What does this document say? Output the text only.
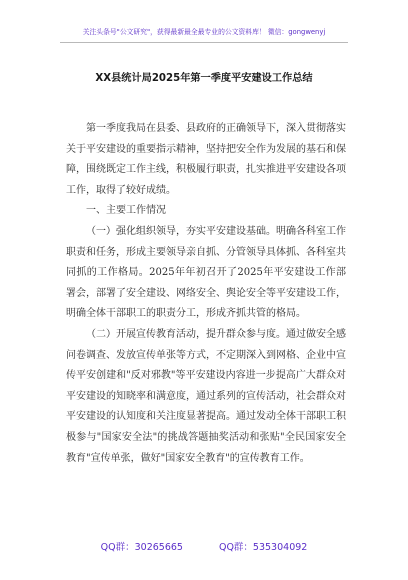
关注头条号"公文研究"，获得最新最全最专业的公文资料库！ 微信：gongwenyj
XX县统计局2025年第一季度平安建设工作总结

第一季度我局在县委、县政府的正确领导下，深入贯彻落实关于平安建设的重要指示精神，坚持把安全作为发展的基石和保障，围绕既定工作主线，积极履行职责，扎实推进平安建设各项工作，取得了较好成绩。

一、主要工作情况

（一）强化组织领导，夯实平安建设基础。明确各科室工作职责和任务，形成主要领导亲自抓、分管领导具体抓、各科室共同抓的工作格局。2025年年初召开了2025年平安建设工作部署会，部署了安全建设、网络安全、舆论安全等平安建设工作，明确全体干部职工的职责分工，形成齐抓共管的格局。

（二）开展宣传教育活动，提升群众参与度。通过做安全感问卷调查、发放宣传单张等方式，不定期深入到网格、企业中宣传平安创建和"反对邪教"等平安建设内容进一步提高广大群众对平安建设的知晓率和满意度，通过系列的宣传活动，社会群众对平安建设的认知度和关注度显著提高。通过发动全体干部职工积极参与"国家安全法"的挑战答题抽奖活动和张贴"全民国家安全教育"宣传单张，做好"国家安全教育"的宣传教育工作。

QQ群：30265665	QQ群：535304092
